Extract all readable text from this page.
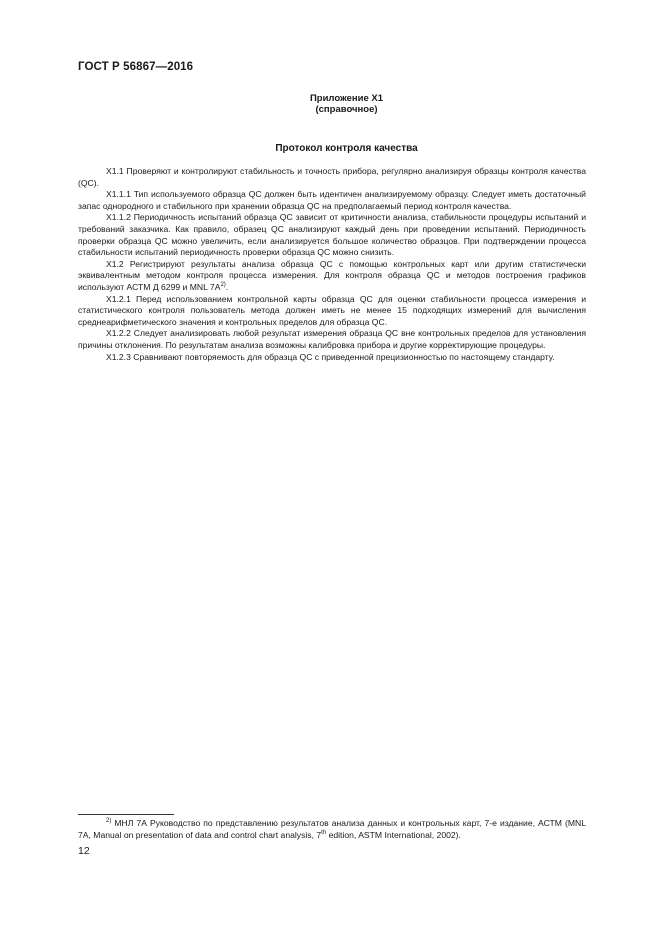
ГОСТ Р 56867—2016
Приложение Х1
(справочное)
Протокол контроля качества

Х1.1 Проверяют и контролируют стабильность и точность прибора, регулярно анализируя образцы контроля качества (QC).

Х1.1.1 Тип используемого образца QC должен быть идентичен анализируемому образцу. Следует иметь достаточный запас однородного и стабильного при хранении образца QC на предполагаемый период контроля качества.

Х1.1.2 Периодичность испытаний образца QC зависит от критичности анализа, стабильности процедуры испытаний и требований заказчика. Как правило, образец QC анализируют каждый день при проведении испытаний. Периодичность проверки образца QC можно увеличить, если анализируется большое количество образцов. При подтверждении процесса стабильности испытаний периодичность проверки образца QC можно снизить.

Х1.2 Регистрируют результаты анализа образца QC с помощью контрольных карт или другим статистически эквивалентным методом контроля процесса измерения. Для контроля образца QC и методов построения графиков используют АСТМ Д 6299 и MNL $7A^{2)}$.

Х1.2.1 Перед использованием контрольной карты образца QC для оценки стабильности процесса измерения и статистического контроля пользователь метода должен иметь не менее 15 подходящих измерений для вычисления среднеарифметического значения и контрольных пределов для образца QC.

Х1.2.2 Следует анализировать любой результат измерения образца QC вне контрольных пределов для установления причины отклонения. По результатам анализа возможны калибровка прибора и другие корректирующие процедуры.

Х1.2.3 Сравнивают повторяемость для образца QC с приведенной прецизионностью по настоящему стандарту.

$^{2)}$ МНЛ 7А Руководство по представлению результатов анализа данных и контрольных карт, 7-е издание, АСТМ (MNL 7A, Manual on presentation of data and control chart analysis, 7th edition, ASTM International, 2002).

12
